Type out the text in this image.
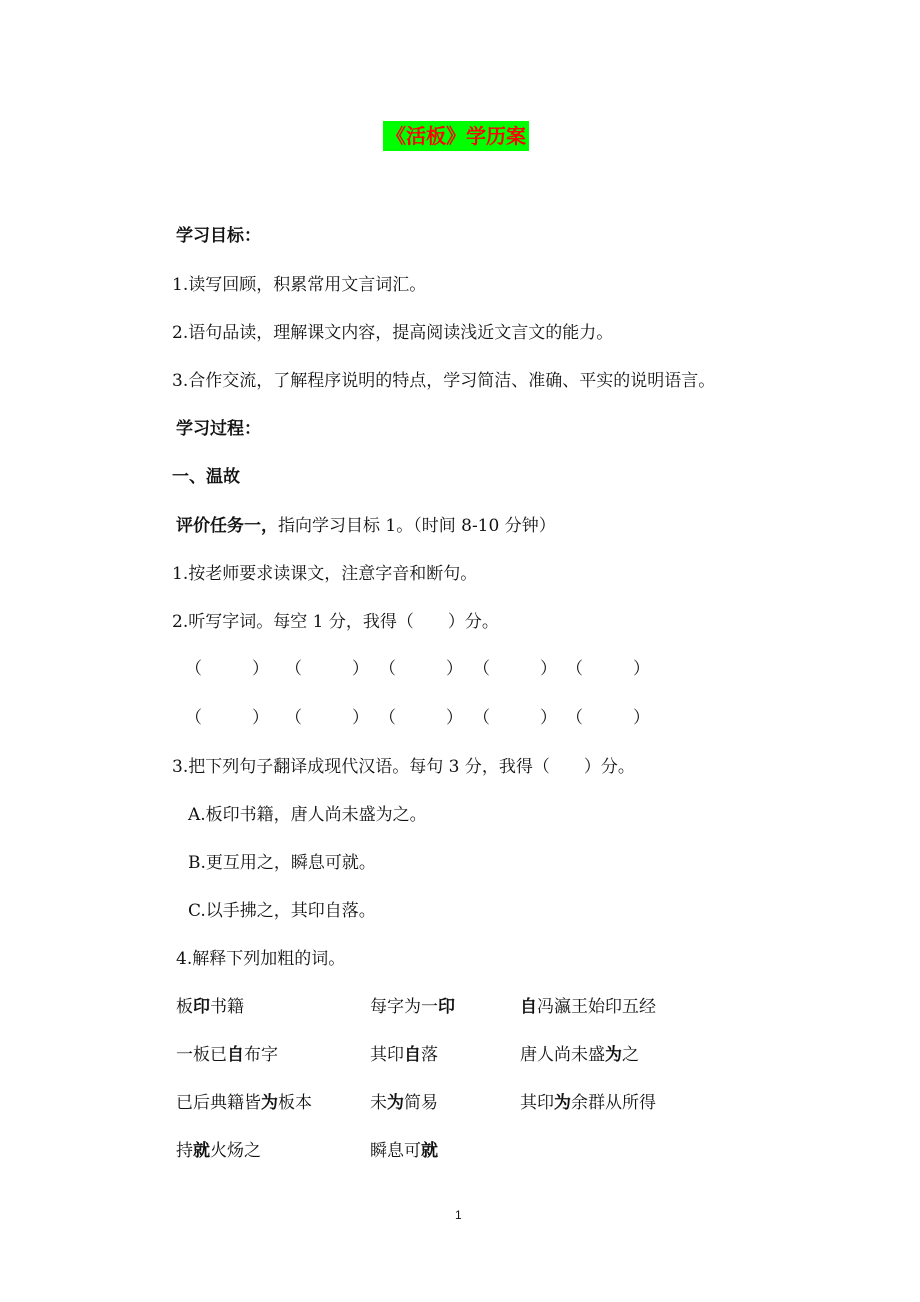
《活板》学历案
学习目标：
1.读写回顾，积累常用文言词汇。
2.语句品读，理解课文内容，提高阅读浅近文言文的能力。
3.合作交流，了解程序说明的特点，学习简洁、准确、平实的说明语言。
学习过程：
一、温故
评价任务一，指向学习目标 1。（时间 8-10 分钟）
1.按老师要求读课文，注意字音和断句。
2.听写字词。每空 1 分，我得（　　）分。
（	） （	） （	） （	） （	）
（	） （	） （	） （	） （	）
3.把下列句子翻译成现代汉语。每句 3 分，我得（　　）分。
A.板印书籍，唐人尚未盛为之。
B.更互用之，瞬息可就。
C.以手拂之，其印自落。
4.解释下列加粗的词。
板印书籍	每字为一印	自冯瀛王始印五经
一板已自布字	其印自落	唐人尚未盛为之
已后典籍皆为板本	未为简易	其印为余群从所得
持就火炀之	瞬息可就
1
